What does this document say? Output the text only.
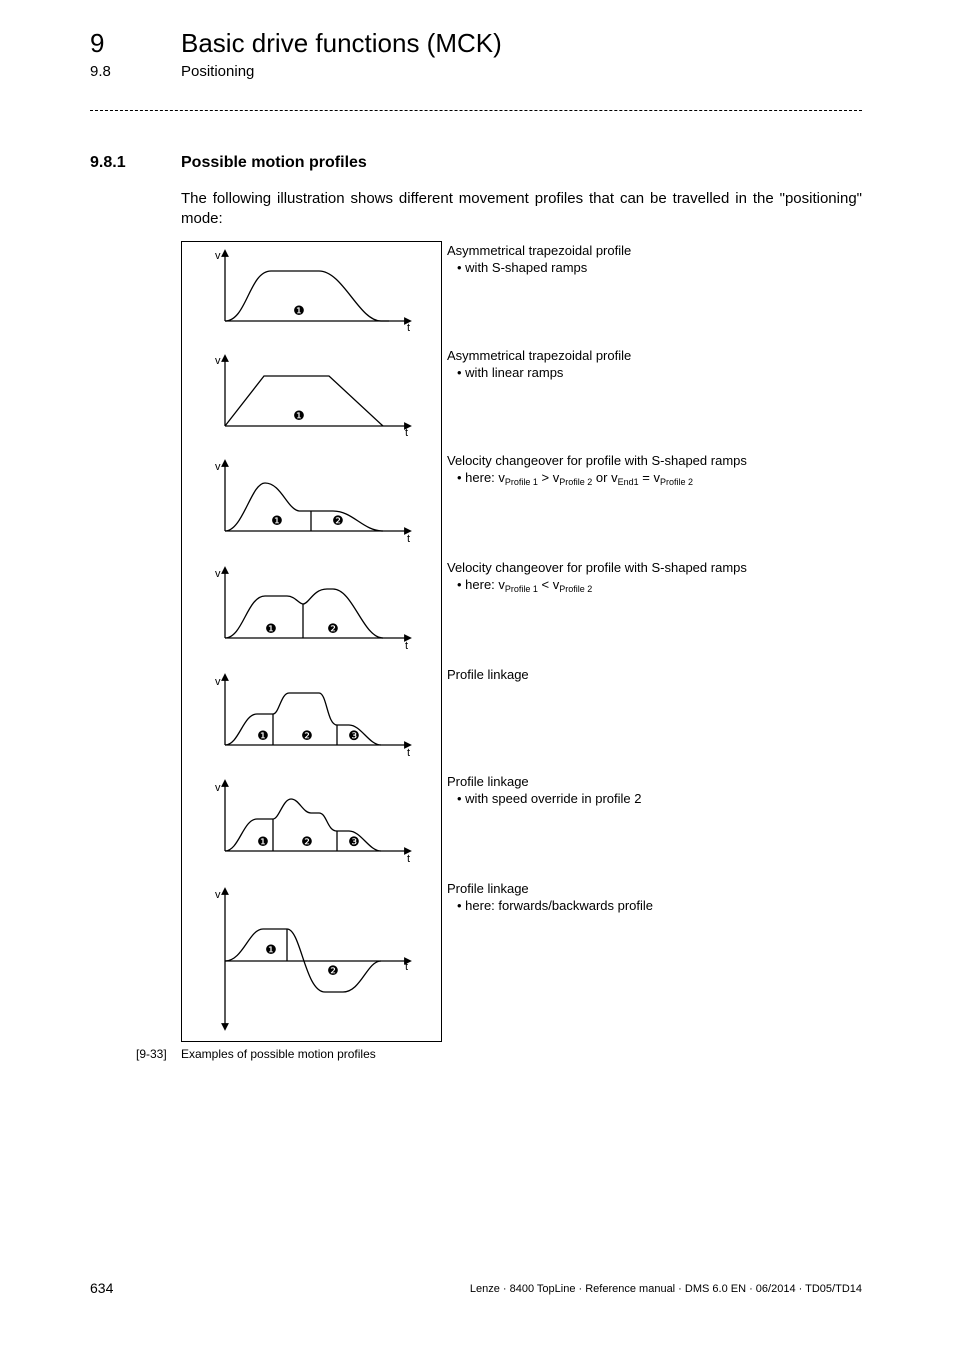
9	Basic drive functions (MCK)
9.8	Positioning
9.8.1	Possible motion profiles
The following illustration shows different movement profiles that can be travelled in the "positioning" mode:
v
t
v
t
v
t
v
t
v
t
v
t
v
t
❶
❶
❶	❷
❶	❷
❶ ❷	❸
❶ ❷	❸
❶
❷
Asymmetrical trapezoidal profile
• with S-shaped ramps
Asymmetrical trapezoidal profile
• with linear ramps
Velocity changeover for profile with S-shaped ramps
• here: $v_{Profile 1} > v_{Profile 2}$ or $v_{End1} = v_{Profile 2}$
Velocity changeover for profile with S-shaped ramps
• here: $v_{Profile 1} < v_{Profile 2}$
Profile linkage
Profile linkage
• with speed override in profile 2
Profile linkage
• here: forwards/backwards profile
[9-33] Examples of possible motion profiles
634	Lenze · 8400 TopLine · Reference manual · DMS 6.0 EN · 06/2014 · TD05/TD14
